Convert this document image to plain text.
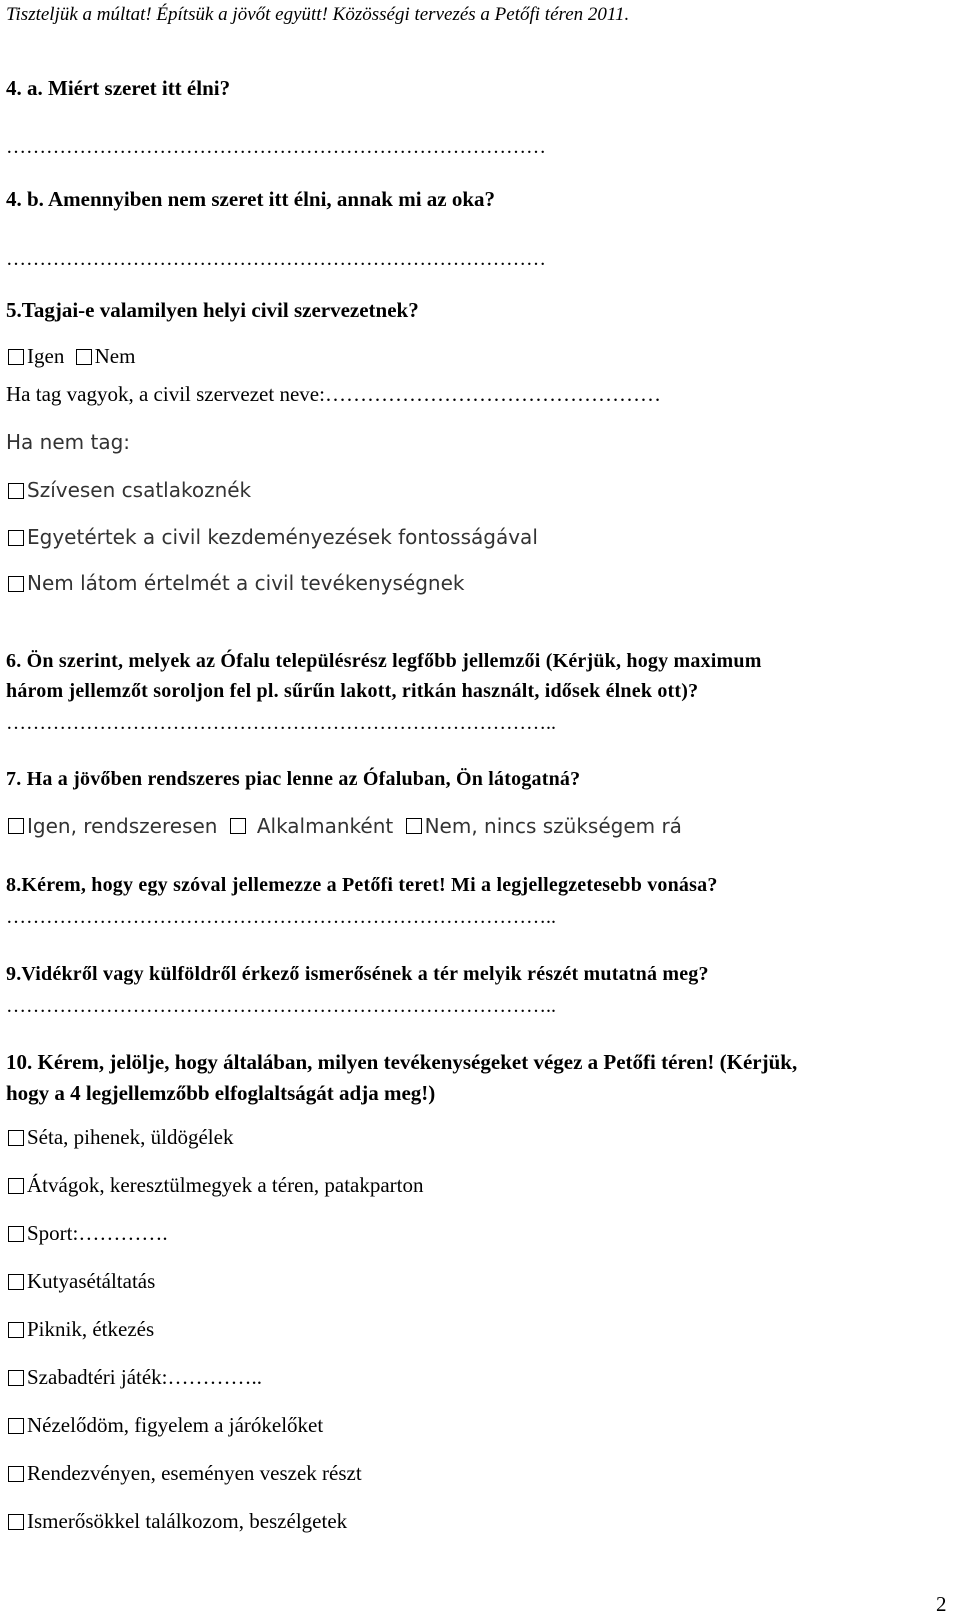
Tiszteljük a múltat! Építsük a jövőt együtt! Közösségi tervezés a Petőfi téren 2011.
4. a. Miért szeret itt élni?
………………………………………………………………………
4. b. Amennyiben nem szeret itt élni, annak mi az oka?
………………………………………………………………………
5.Tagjai-e valamilyen helyi civil szervezetnek?
Igen
Nem
Ha tag vagyok, a civil szervezet neve:…………………………………………
Ha nem tag:
Szívesen csatlakoznék
Egyetértek a civil kezdeményezések fontosságával
Nem látom értelmét a civil tevékenységnek
6. Ön szerint, melyek az Ófalu településrész legfőbb jellemzői (Kérjük, hogy maximum
három jellemzőt soroljon fel pl. sűrűn lakott, ritkán használt, idősek élnek ott)?
………………………………………………………………………..
7. Ha a jövőben rendszeres piac lenne az Ófaluban, Ön látogatná?
Igen, rendszeresen
Alkalmanként
Nem, nincs szükségem rá
8.Kérem, hogy egy szóval jellemezze a Petőfi teret! Mi a legjellegzetesebb vonása?
………………………………………………………………………..
9.Vidékről vagy külföldről érkező ismerősének a tér melyik részét mutatná meg?
………………………………………………………………………..
10. Kérem, jelölje, hogy általában, milyen tevékenységeket végez a Petőfi téren! (Kérjük,
hogy a 4 legjellemzőbb elfoglaltságát adja meg!)
Séta, pihenek, üldögélek
Átvágok, keresztülmegyek a téren, patakparton
Sport:………….
Kutyasétáltatás
Piknik, étkezés
Szabadtéri játék:…………..
Nézelődöm, figyelem a járókelőket
Rendezvényen, eseményen veszek részt
Ismerősökkel találkozom, beszélgetek
2
